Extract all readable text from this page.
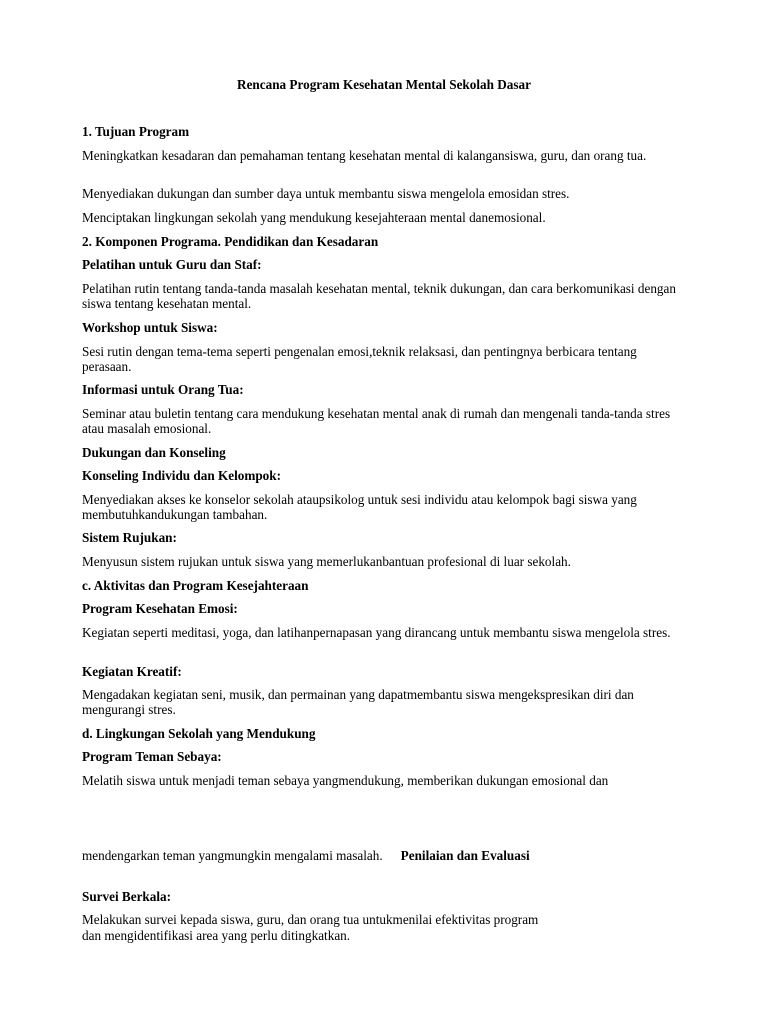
Rencana Program Kesehatan Mental Sekolah Dasar

1. Tujuan Program

Meningkatkan kesadaran dan pemahaman tentang kesehatan mental di kalangansiswa, guru, dan orang tua.

Menyediakan dukungan dan sumber daya untuk membantu siswa mengelola emosidan stres.

Menciptakan lingkungan sekolah yang mendukung kesejahteraan mental danemosional.

2. Komponen Programa. Pendidikan dan Kesadaran

Pelatihan untuk Guru dan Staf:

Pelatihan rutin tentang tanda-tanda masalah kesehatan mental, teknik dukungan, dan cara berkomunikasi dengan siswa tentang kesehatan mental.

Workshop untuk Siswa:

Sesi rutin dengan tema-tema seperti pengenalan emosi,teknik relaksasi, dan pentingnya berbicara tentang perasaan.

Informasi untuk Orang Tua:

Seminar atau buletin tentang cara mendukung kesehatan mental anak di rumah dan mengenali tanda-tanda stres atau masalah emosional.

Dukungan dan Konseling

Konseling Individu dan Kelompok:

Menyediakan akses ke konselor sekolah ataupsikolog untuk sesi individu atau kelompok bagi siswa yang membutuhkandukungan tambahan.

Sistem Rujukan:

Menyusun sistem rujukan untuk siswa yang memerlukanbantuan profesional di luar sekolah.

c. Aktivitas dan Program Kesejahteraan

Program Kesehatan Emosi:

Kegiatan seperti meditasi, yoga, dan latihanpernapasan yang dirancang untuk membantu siswa mengelola stres.

Kegiatan Kreatif:

Mengadakan kegiatan seni, musik, dan permainan yang dapatmembantu siswa mengekspresikan diri dan mengurangi stres.

d. Lingkungan Sekolah yang Mendukung

Program Teman Sebaya:

Melatih siswa untuk menjadi teman sebaya yangmendukung, memberikan dukungan emosional dan

mendengarkan teman yangmungkin mengalami masalah. Penilaian dan Evaluasi

Survei Berkala:

Melakukan survei kepada siswa, guru, dan orang tua untukmenilai efektivitas program

dan mengidentifikasi area yang perlu ditingkatkan.
